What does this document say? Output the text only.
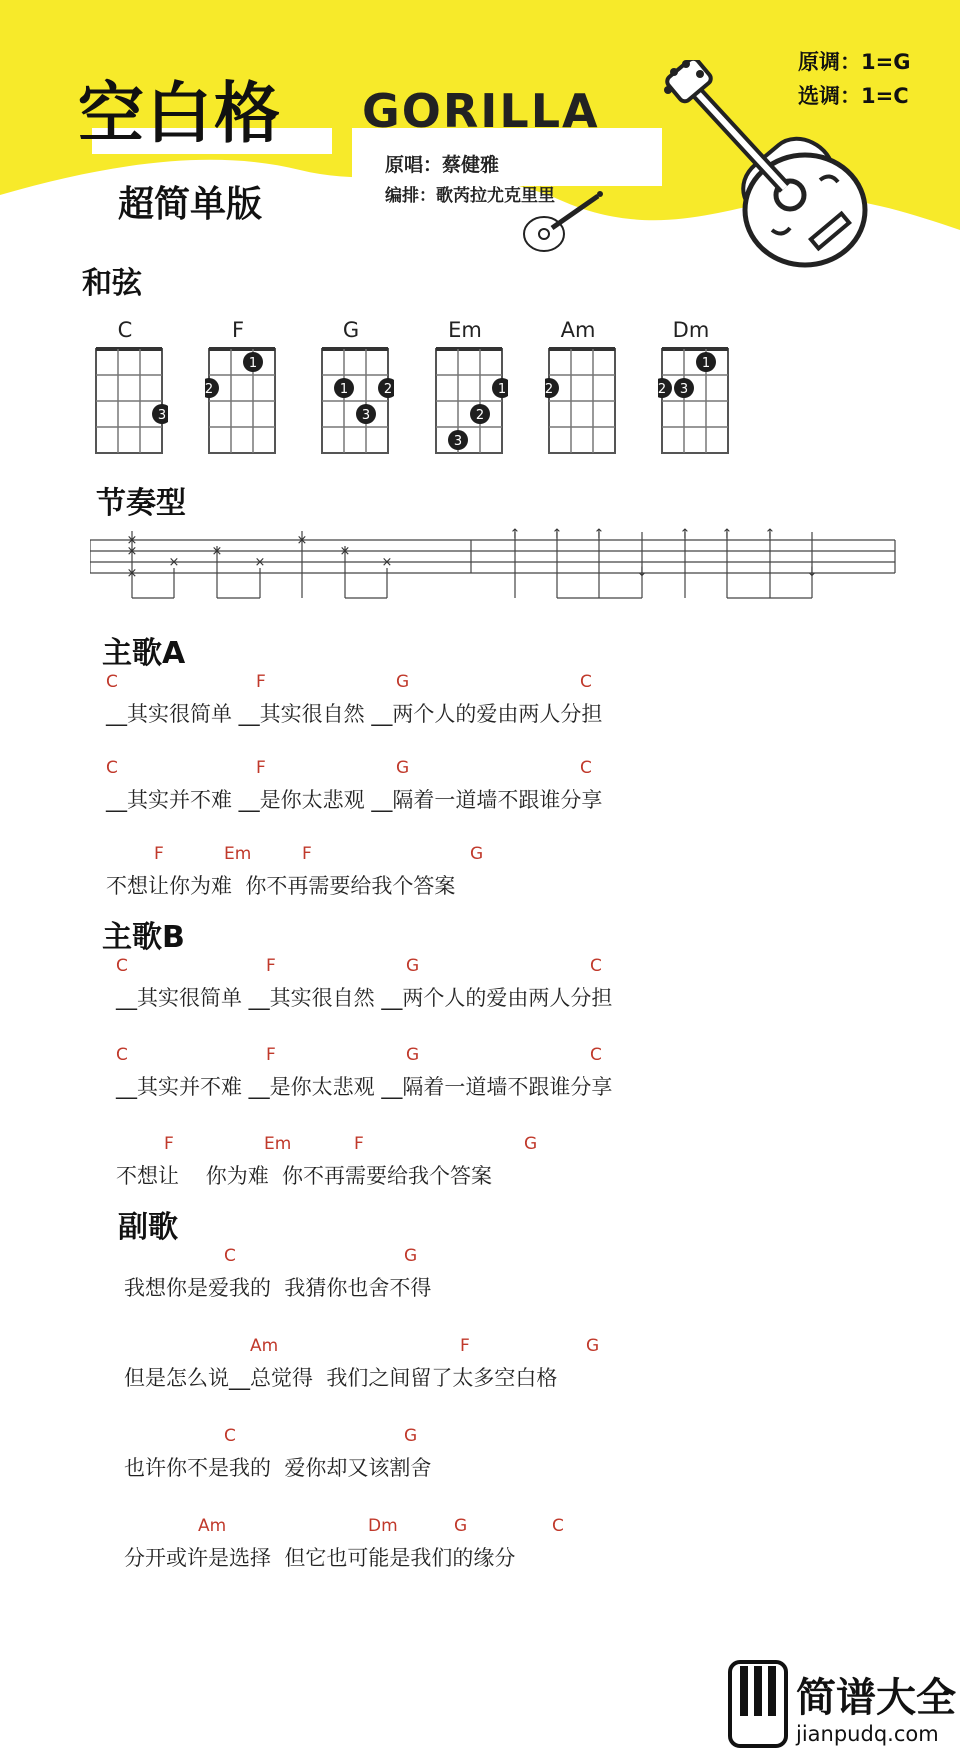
空白格
超简单版
GORILLA
原唱：蔡健雅
编排：歌芮拉尤克里里
原调：1=G
选调：1=C
和弦
C
3
F
1
2
G
1	2
3
Em
1
2
3
Am
2
Dm
1
2 3
节奏型
×
×
×
×
×
×
×
×
×
↑ ↑ ↑
↓
↑ ↑ ↑
↓
主歌A
C	F	G	C
__其实很简单 __其实很自然 __两个人的爱由两人分担
C	F	G	C
__其实并不难 __是你太悲观 __隔着一道墙不跟谁分享
F	Em	F	G
不想让你为难  你不再需要给我个答案
主歌B
C	F	G	C
__其实很简单 __其实很自然 __两个人的爱由两人分担
C	F	G	C
__其实并不难 __是你太悲观 __隔着一道墙不跟谁分享
F	Em	F	G
不想让    你为难  你不再需要给我个答案
副歌
C	G
我想你是爱我的  我猜你也舍不得
Am	F	G
但是怎么说__总觉得  我们之间留了太多空白格
C	G
也许你不是我的  爱你却又该割舍
Am	Dm	G	C
分开或许是选择  但它也可能是我们的缘分
简谱大全
jianpudq.com
